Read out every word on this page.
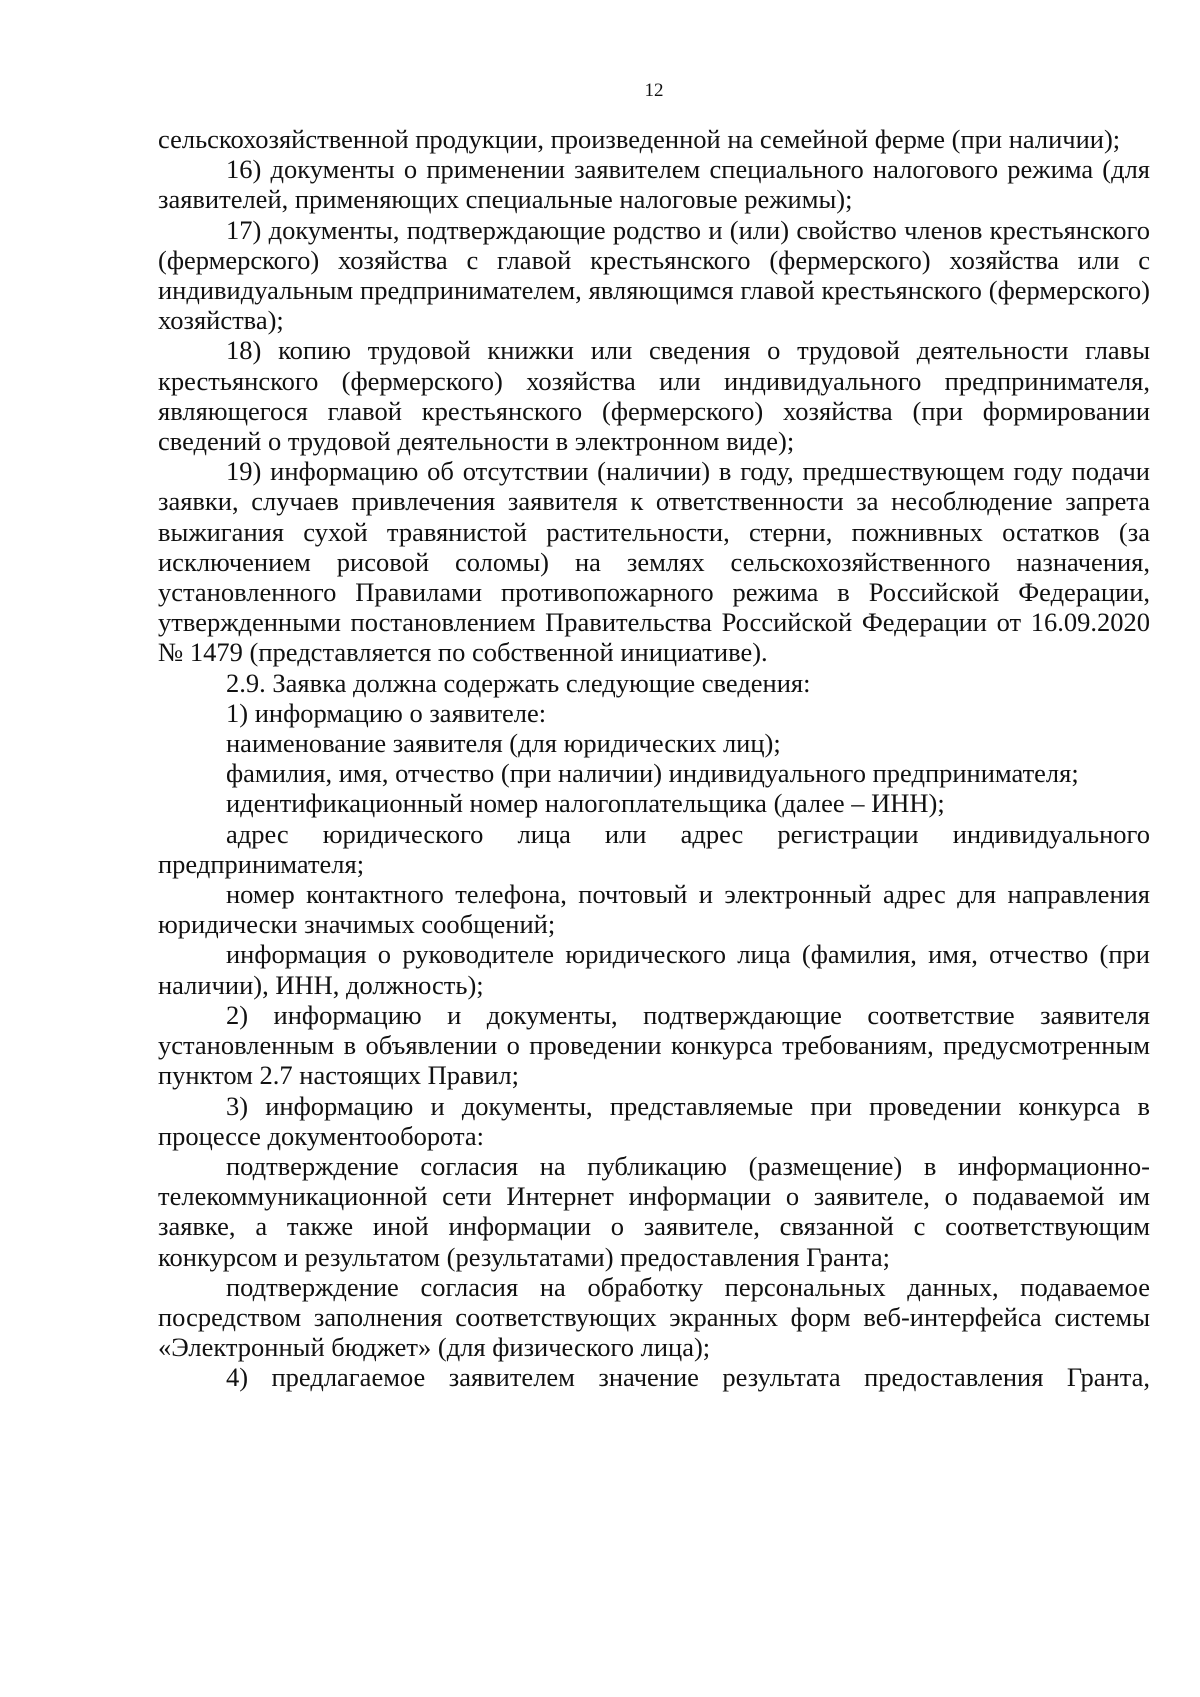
12

сельскохозяйственной продукции, произведенной на семейной ферме (при наличии);

16) документы о применении заявителем специального налогового режима (для заявителей, применяющих специальные налоговые режимы);

17) документы, подтверждающие родство и (или) свойство членов крестьянского (фермерского) хозяйства с главой крестьянского (фермерского) хозяйства или с индивидуальным предпринимателем, являющимся главой крестьянского (фермерского) хозяйства);

18) копию трудовой книжки или сведения о трудовой деятельности главы крестьянского (фермерского) хозяйства или индивидуального предпринимателя, являющегося главой крестьянского (фермерского) хозяйства (при формировании сведений о трудовой деятельности в электронном виде);

19) информацию об отсутствии (наличии) в году, предшествующем году подачи заявки, случаев привлечения заявителя к ответственности за несоблюдение запрета выжигания сухой травянистой растительности, стерни, пожнивных остатков (за исключением рисовой соломы) на землях сельскохозяйственного назначения, установленного Правилами противопожарного режима в Российской Федерации, утвержденными постановлением Правительства Российской Федерации от 16.09.2020 № 1479 (представляется по собственной инициативе).

2.9. Заявка должна содержать следующие сведения:

1) информацию о заявителе:

наименование заявителя (для юридических лиц);

фамилия, имя, отчество (при наличии) индивидуального предпринимателя;

идентификационный номер налогоплательщика (далее – ИНН);

адрес юридического лица или адрес регистрации индивидуального предпринимателя;

номер контактного телефона, почтовый и электронный адрес для направления юридически значимых сообщений;

информация о руководителе юридического лица (фамилия, имя, отчество (при наличии), ИНН, должность);

2) информацию и документы, подтверждающие соответствие заявителя установленным в объявлении о проведении конкурса требованиям, предусмотренным пунктом 2.7 настоящих Правил;

3) информацию и документы, представляемые при проведении конкурса в процессе документооборота:

подтверждение согласия на публикацию (размещение) в информационно-телекоммуникационной сети Интернет информации о заявителе, о подаваемой им заявке, а также иной информации о заявителе, связанной с соответствующим конкурсом и результатом (результатами) предоставления Гранта;

подтверждение согласия на обработку персональных данных, подаваемое посредством заполнения соответствующих экранных форм веб-интерфейса системы «Электронный бюджет» (для физического лица);

4) предлагаемое заявителем значение результата предоставления Гранта,
